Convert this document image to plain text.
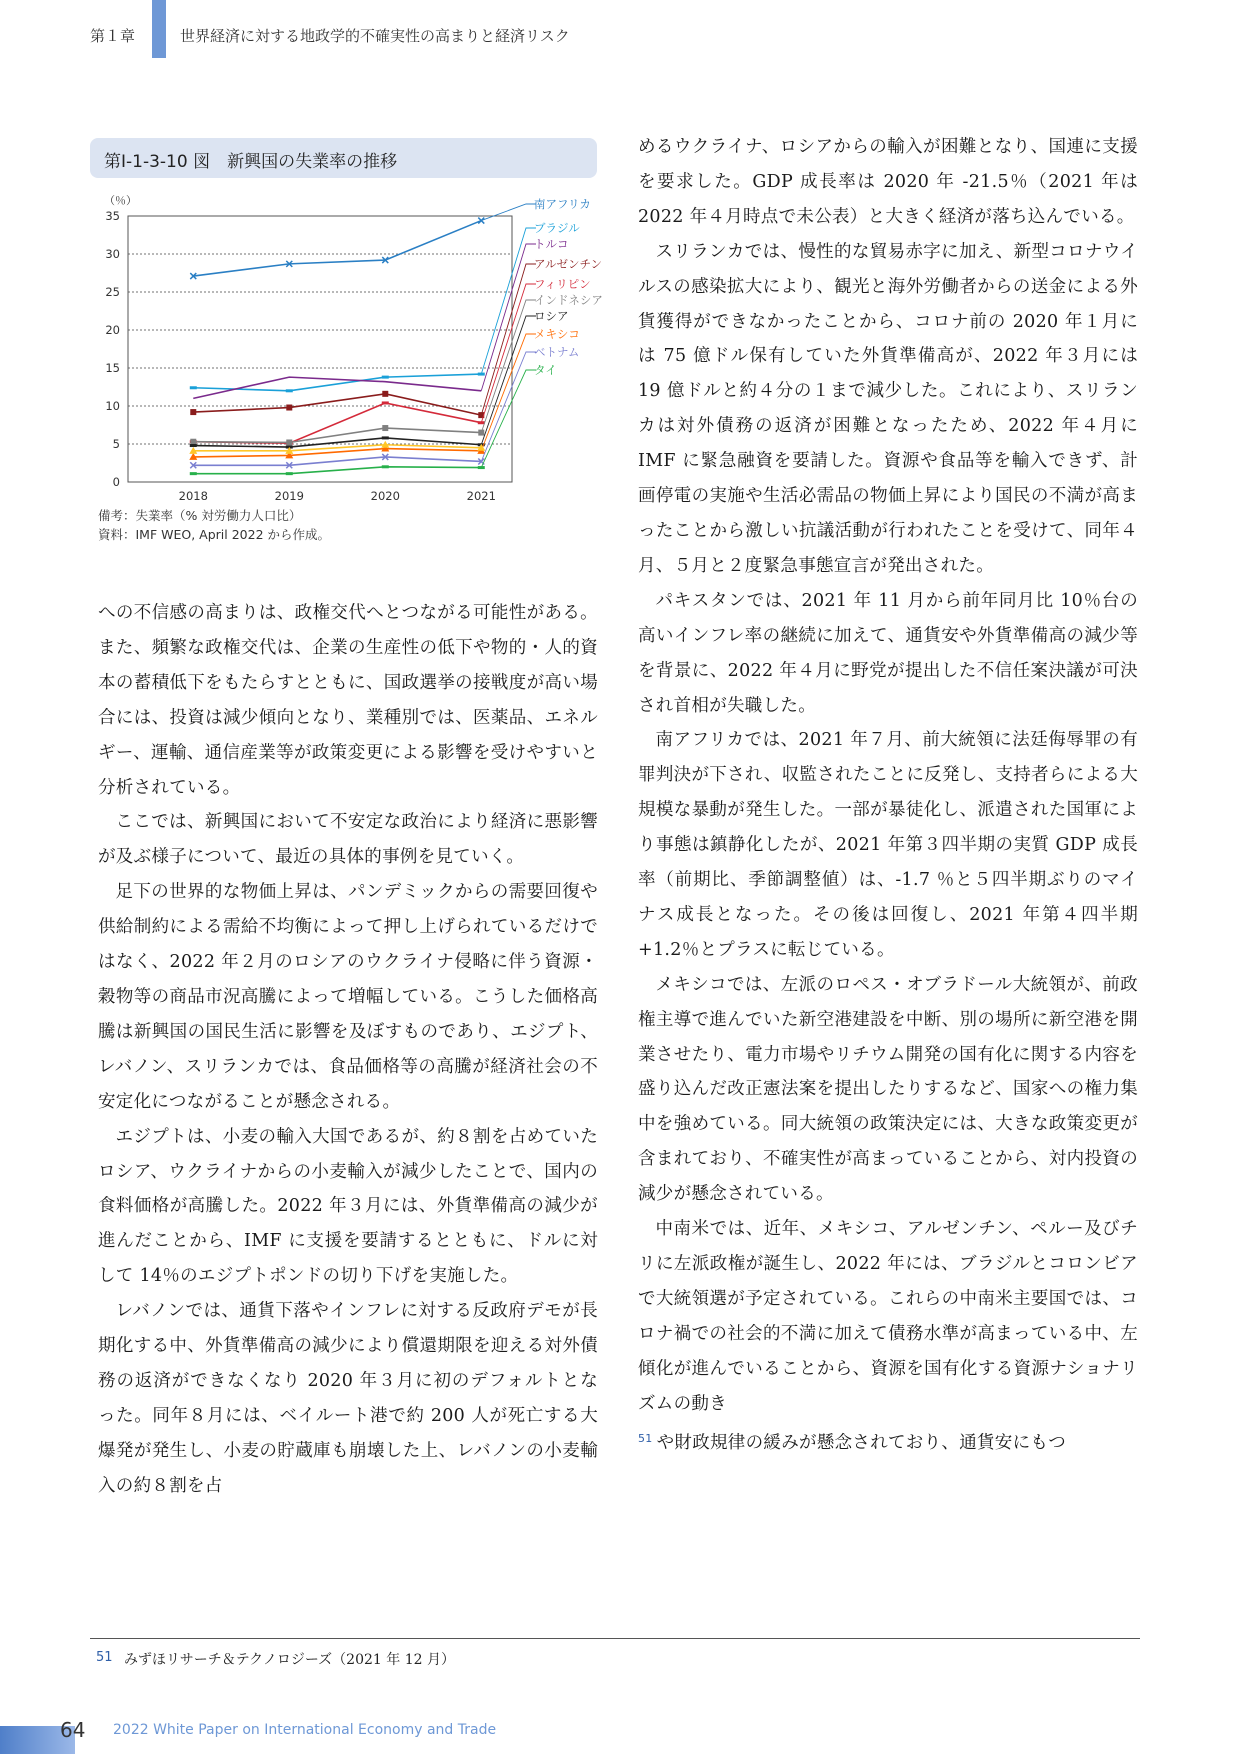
第１章	世界経済に対する地政学的不確実性の高まりと経済リスク
第Ⅰ-1-3-10 図　新興国の失業率の推移
（％）
0
5
10
15
20
25
30
35
2018	2019	2020	2021
南アフリカ
ブラジル
トルコ
アルゼンチン
フィリピン
インドネシア
ロシア
メキシコ
ベトナム
タイ
備考：失業率（% 対労働力人口比）
資料：IMF WEO, April 2022 から作成。

への不信感の高まりは、政権交代へとつながる可能性がある。また、頻繁な政権交代は、企業の生産性の低下や物的・人的資本の蓄積低下をもたらすとともに、国政選挙の接戦度が高い場合には、投資は減少傾向となり、業種別では、医薬品、エネルギー、運輸、通信産業等が政策変更による影響を受けやすいと分析されている。

ここでは、新興国において不安定な政治により経済に悪影響が及ぶ様子について、最近の具体的事例を見ていく。

足下の世界的な物価上昇は、パンデミックからの需要回復や供給制約による需給不均衡によって押し上げられているだけではなく、2022 年２月のロシアのウクライナ侵略に伴う資源・穀物等の商品市況高騰によって増幅している。こうした価格高騰は新興国の国民生活に影響を及ぼすものであり、エジプト、レバノン、スリランカでは、食品価格等の高騰が経済社会の不安定化につながることが懸念される。

エジプトは、小麦の輸入大国であるが、約８割を占めていたロシア、ウクライナからの小麦輸入が減少したことで、国内の食料価格が高騰した。2022 年３月には、外貨準備高の減少が進んだことから、IMF に支援を要請するとともに、ドルに対して 14％のエジプトポンドの切り下げを実施した。

レバノンでは、通貨下落やインフレに対する反政府デモが長期化する中、外貨準備高の減少により償還期限を迎える対外債務の返済ができなくなり 2020 年３月に初のデフォルトとなった。同年８月には、ベイルート港で約 200 人が死亡する大爆発が発生し、小麦の貯蔵庫も崩壊した上、レバノンの小麦輸入の約８割を占

めるウクライナ、ロシアからの輸入が困難となり、国連に支援を要求した。GDP 成長率は 2020 年 -21.5％（2021 年は 2022 年４月時点で未公表）と大きく経済が落ち込んでいる。

スリランカでは、慢性的な貿易赤字に加え、新型コロナウイルスの感染拡大により、観光と海外労働者からの送金による外貨獲得ができなかったことから、コロナ前の 2020 年１月には 75 億ドル保有していた外貨準備高が、2022 年３月には 19 億ドルと約４分の１まで減少した。これにより、スリランカは対外債務の返済が困難となったため、2022 年４月に IMF に緊急融資を要請した。資源や食品等を輸入できず、計画停電の実施や生活必需品の物価上昇により国民の不満が高まったことから激しい抗議活動が行われたことを受けて、同年４月、５月と２度緊急事態宣言が発出された。

パキスタンでは、2021 年 11 月から前年同月比 10％台の高いインフレ率の継続に加えて、通貨安や外貨準備高の減少等を背景に、2022 年４月に野党が提出した不信任案決議が可決され首相が失職した。

南アフリカでは、2021 年７月、前大統領に法廷侮辱罪の有罪判決が下され、収監されたことに反発し、支持者らによる大規模な暴動が発生した。一部が暴徒化し、派遣された国軍により事態は鎮静化したが、2021 年第３四半期の実質 GDP 成長率（前期比、季節調整値）は、-1.7 ％と５四半期ぶりのマイナス成長となった。その後は回復し、2021 年第４四半期 +1.2％とプラスに転じている。

メキシコでは、左派のロペス・オブラドール大統領が、前政権主導で進んでいた新空港建設を中断、別の場所に新空港を開業させたり、電力市場やリチウム開発の国有化に関する内容を盛り込んだ改正憲法案を提出したりするなど、国家への権力集中を強めている。同大統領の政策決定には、大きな政策変更が含まれており、不確実性が高まっていることから、対内投資の減少が懸念されている。

中南米では、近年、メキシコ、アルゼンチン、ペルー及びチリに左派政権が誕生し、2022 年には、ブラジルとコロンビアで大統領選が予定されている。これらの中南米主要国では、コロナ禍での社会的不満に加えて債務水準が高まっている中、左傾化が進んでいることから、資源を国有化する資源ナショナリズムの動き

$^{51}$ や財政規律の緩みが懸念されており、通貨安にもつ

51 みずほリサーチ＆テクノロジーズ（2021 年 12 月）
64 2022 White Paper on International Economy and Trade
